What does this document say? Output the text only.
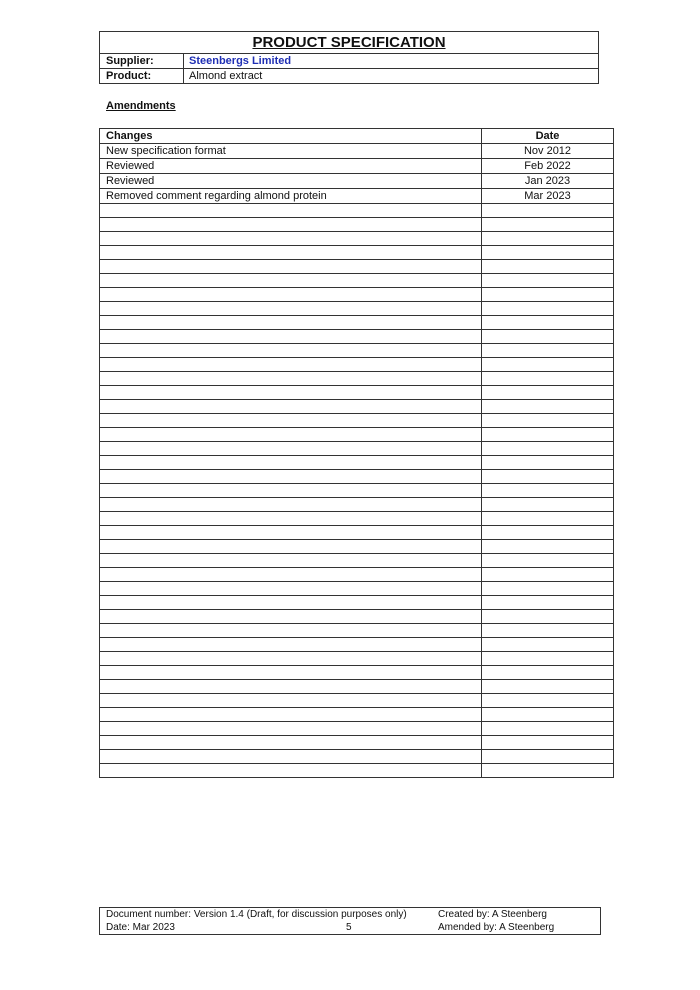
PRODUCT SPECIFICATION
Supplier:	Steenbergs Limited
Product:	Almond extract
Amendments
Changes	Date
New specification format	Nov 2012
Reviewed	Feb 2022
Reviewed	Jan 2023
Removed comment regarding almond protein	Mar 2023

Document number: Version 1.4 (Draft, for discussion purposes only)
Date: Mar 2023	5
Created by: A Steenberg
Amended by: A Steenberg
